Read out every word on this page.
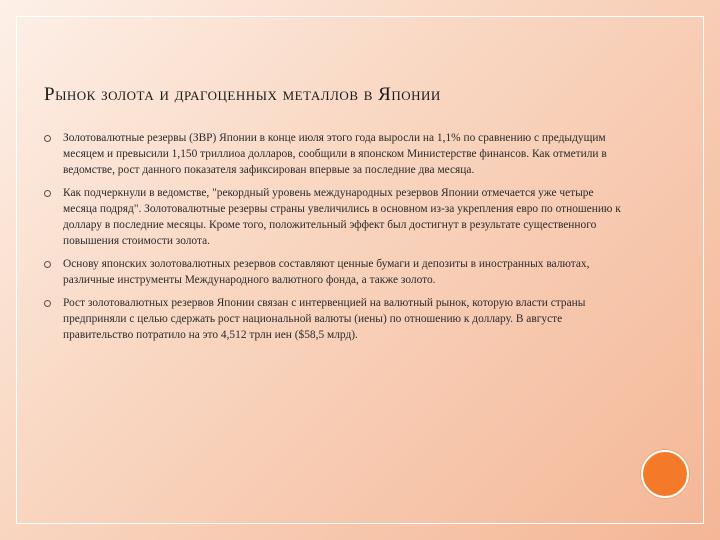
Рынок золота и драгоценных металлов в Японии
Золотовалютные резервы (ЗВР) Японии в конце июля этого года выросли на 1,1% по сравнению с предыдущим месяцем и превысили 1,150 триллиоа долларов, сообщили в японском Министерстве финансов. Как отметили в ведомстве, рост данного показателя зафиксирован впервые за последние два месяца.
Как подчеркнули в ведомстве, "рекордный уровень международных резервов Японии отмечается уже четыре месяца подряд". Золотовалютные резервы страны увеличились в основном из-за укрепления евро по отношению к доллару в последние месяцы. Кроме того, положительный эффект был достигнут в результате существенного повышения стоимости золота.
Основу японских золотовалютных резервов составляют ценные бумаги и депозиты в иностранных валютах, различные инструменты Международного валютного фонда, а также золото.
Рост золотовалютных резервов Японии связан с интервенцией на валютный рынок, которую власти страны предприняли с целью сдержать рост национальной валюты (иены) по отношению к доллару. В августе правительство потратило на это 4,512 трлн иен ($58,5 млрд).
